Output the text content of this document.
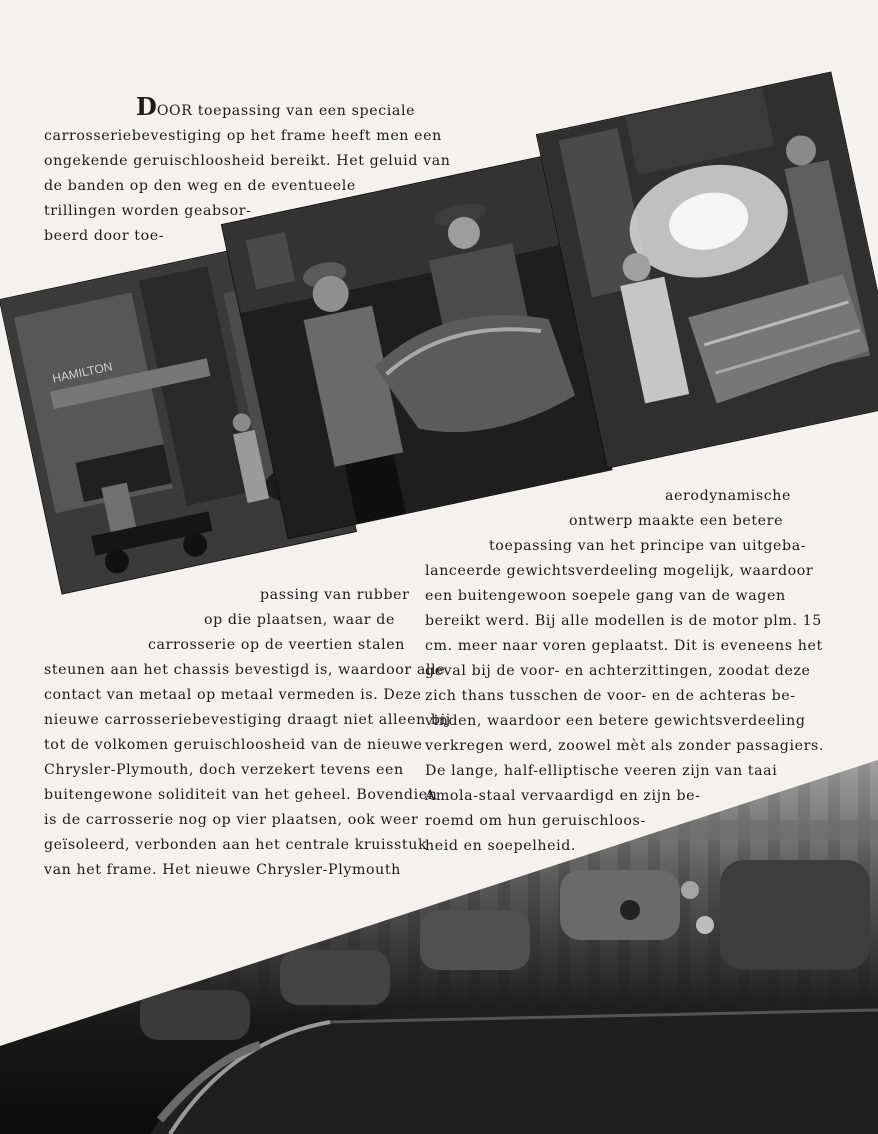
HAMILTON
DOOR toepassing van een speciale
carrosseriebevestiging op het frame heeft men een
ongekende geruischloosheid bereikt. Het geluid van
de banden op den weg en de eventueele
trillingen worden geabsor-
beerd door toe-
passing van rubber
op die plaatsen, waar de
carrosserie op de veertien stalen
steunen aan het chassis bevestigd is, waardoor alle
contact van metaal op metaal vermeden is. Deze
nieuwe carrosseriebevestiging draagt niet alleen bij
tot de volkomen geruischloosheid van de nieuwe
Chrysler-Plymouth, doch verzekert tevens een
buitengewone soliditeit van het geheel. Bovendien
is de carrosserie nog op vier plaatsen, ook weer
geïsoleerd, verbonden aan het centrale kruisstuk
van het frame. Het nieuwe Chrysler-Plymouth
aerodynamische
ontwerp maakte een betere
toepassing van het principe van uitgeba-
lanceerde gewichtsverdeeling mogelijk, waardoor
een buitengewoon soepele gang van de wagen
bereikt werd. Bij alle modellen is de motor plm. 15
cm. meer naar voren geplaatst. Dit is eveneens het
geval bij de voor- en achterzittingen, zoodat deze
zich thans tusschen de voor- en de achteras be-
vinden, waardoor een betere gewichtsverdeeling
verkregen werd, zoowel mèt als zonder passagiers.
De lange, half-elliptische veeren zijn van taai
Amola-staal vervaardigd en zijn be-
roemd om hun geruischloos-
heid en soepelheid.
